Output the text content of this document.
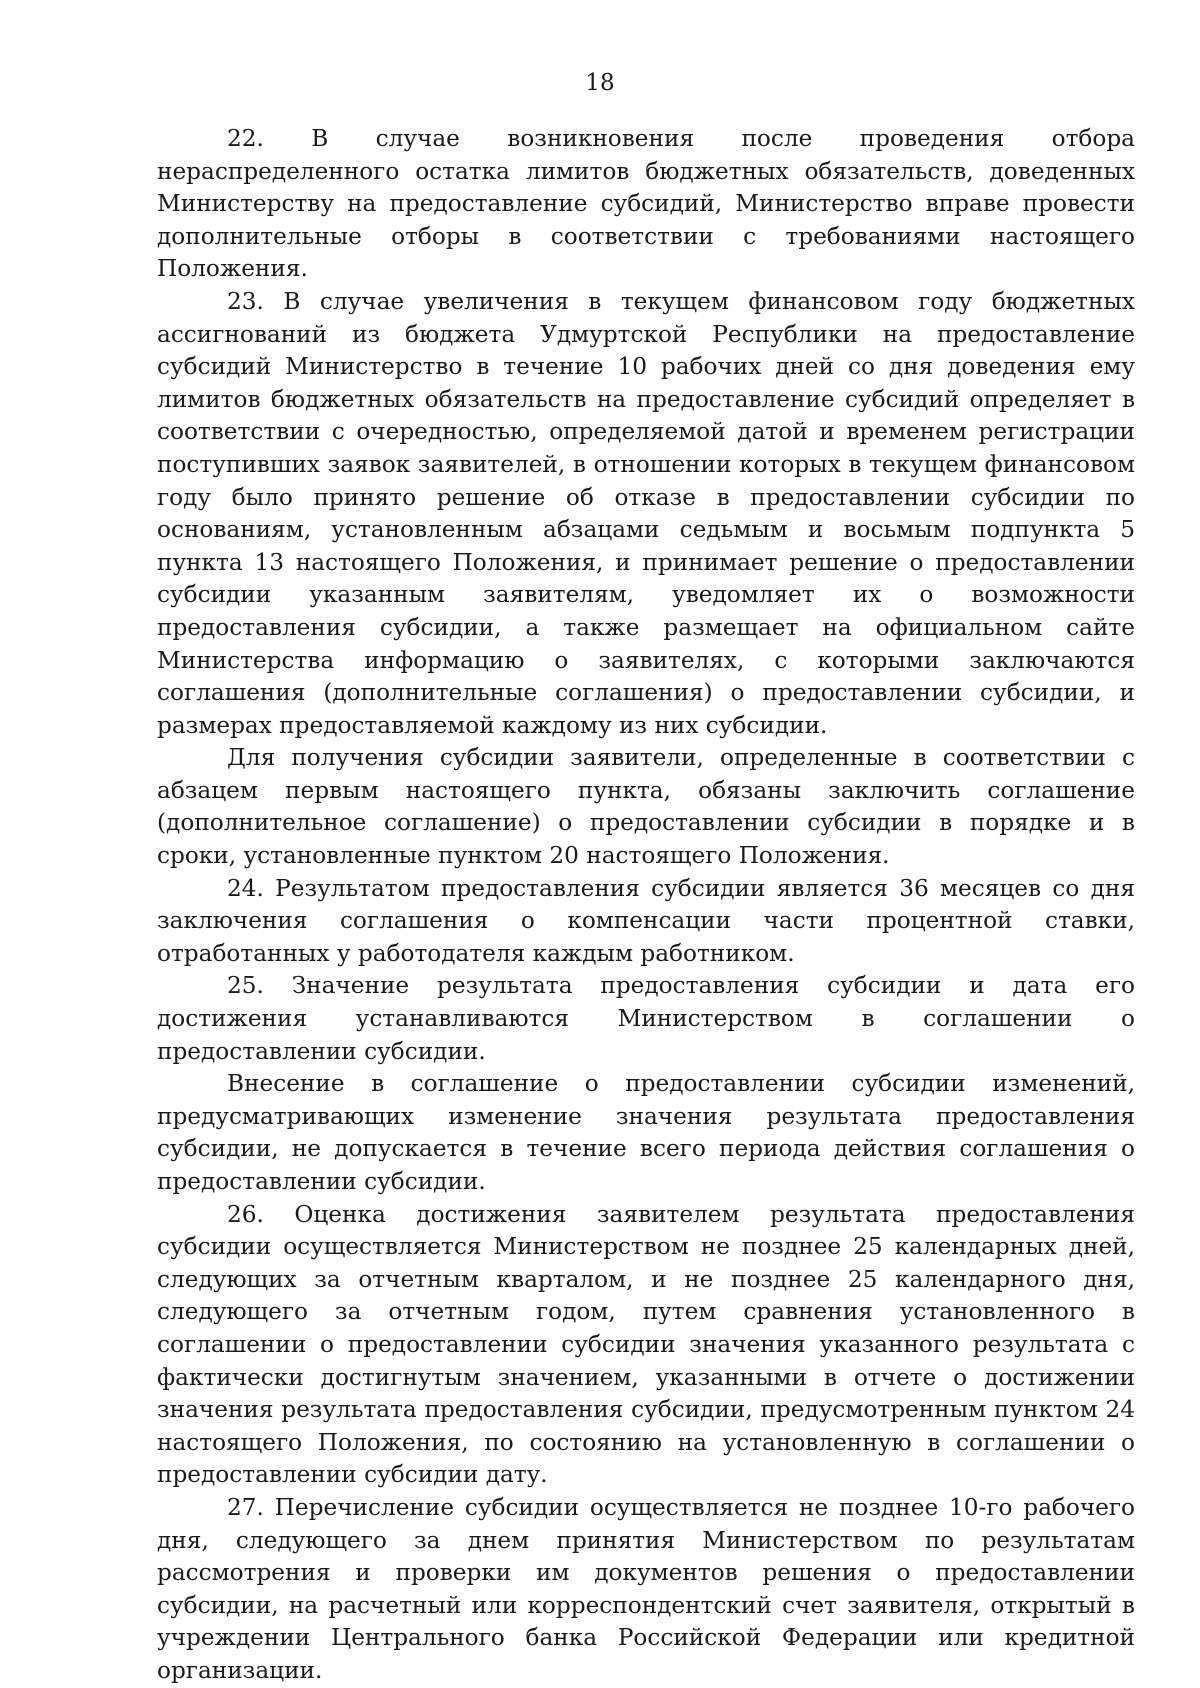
18

22. В случае возникновения после проведения отбора нераспределенного остатка лимитов бюджетных обязательств, доведенных Министерству на предоставление субсидий, Министерство вправе провести дополнительные отборы в соответствии с требованиями настоящего Положения.

23. В случае увеличения в текущем финансовом году бюджетных ассигнований из бюджета Удмуртской Республики на предоставление субсидий Министерство в течение 10 рабочих дней со дня доведения ему лимитов бюджетных обязательств на предоставление субсидий определяет в соответствии с очередностью, определяемой датой и временем регистрации поступивших заявок заявителей, в отношении которых в текущем финансовом году было принято решение об отказе в предоставлении субсидии по основаниям, установленным абзацами седьмым и восьмым подпункта 5 пункта 13 настоящего Положения, и принимает решение о предоставлении субсидии указанным заявителям, уведомляет их о возможности предоставления субсидии, а также размещает на официальном сайте Министерства информацию о заявителях, с которыми заключаются соглашения (дополнительные соглашения) о предоставлении субсидии, и размерах предоставляемой каждому из них субсидии.

Для получения субсидии заявители, определенные в соответствии с абзацем первым настоящего пункта, обязаны заключить соглашение (дополнительное соглашение) о предоставлении субсидии в порядке и в сроки, установленные пунктом 20 настоящего Положения.

24. Результатом предоставления субсидии является 36 месяцев со дня заключения соглашения о компенсации части процентной ставки, отработанных у работодателя каждым работником.

25. Значение результата предоставления субсидии и дата его достижения устанавливаются Министерством в соглашении о предоставлении субсидии.

Внесение в соглашение о предоставлении субсидии изменений, предусматривающих изменение значения результата предоставления субсидии, не допускается в течение всего периода действия соглашения о предоставлении субсидии.

26. Оценка достижения заявителем результата предоставления субсидии осуществляется Министерством не позднее 25 календарных дней, следующих за отчетным кварталом, и не позднее 25 календарного дня, следующего за отчетным годом, путем сравнения установленного в соглашении о предоставлении субсидии значения указанного результата с фактически достигнутым значением, указанными в отчете о достижении значения результата предоставления субсидии, предусмотренным пунктом 24 настоящего Положения, по состоянию на установленную в соглашении о предоставлении субсидии дату.

27. Перечисление субсидии осуществляется не позднее 10-го рабочего дня, следующего за днем принятия Министерством по результатам рассмотрения и проверки им документов решения о предоставлении субсидии, на расчетный или корреспондентский счет заявителя, открытый в учреждении Центрального банка Российской Федерации или кредитной организации.
